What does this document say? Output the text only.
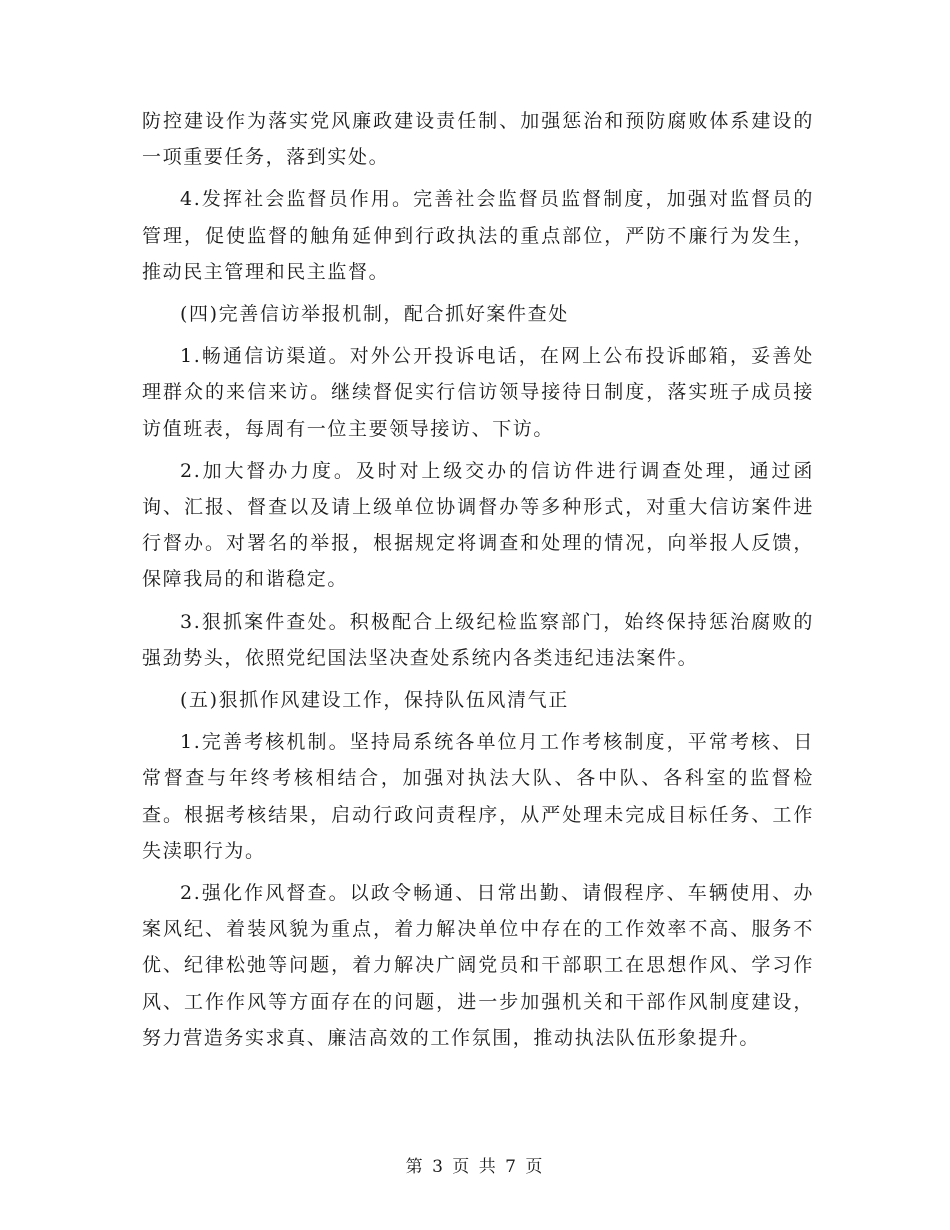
防控建设作为落实党风廉政建设责任制、加强惩治和预防腐败体系建设的一项重要任务，落到实处。

4.发挥社会监督员作用。完善社会监督员监督制度，加强对监督员的管理，促使监督的触角延伸到行政执法的重点部位，严防不廉行为发生，推动民主管理和民主监督。

(四)完善信访举报机制，配合抓好案件查处

1.畅通信访渠道。对外公开投诉电话，在网上公布投诉邮箱，妥善处理群众的来信来访。继续督促实行信访领导接待日制度，落实班子成员接访值班表，每周有一位主要领导接访、下访。

2.加大督办力度。及时对上级交办的信访件进行调查处理，通过函询、汇报、督查以及请上级单位协调督办等多种形式，对重大信访案件进行督办。对署名的举报，根据规定将调查和处理的情况，向举报人反馈，保障我局的和谐稳定。

3.狠抓案件查处。积极配合上级纪检监察部门，始终保持惩治腐败的强劲势头，依照党纪国法坚决查处系统内各类违纪违法案件。

(五)狠抓作风建设工作，保持队伍风清气正

1.完善考核机制。坚持局系统各单位月工作考核制度，平常考核、日常督查与年终考核相结合，加强对执法大队、各中队、各科室的监督检查。根据考核结果，启动行政问责程序，从严处理未完成目标任务、工作失渎职行为。

2.强化作风督查。以政令畅通、日常出勤、请假程序、车辆使用、办案风纪、着装风貌为重点，着力解决单位中存在的工作效率不高、服务不优、纪律松弛等问题，着力解决广阔党员和干部职工在思想作风、学习作风、工作作风等方面存在的问题，进一步加强机关和干部作风制度建设，努力营造务实求真、廉洁高效的工作氛围，推动执法队伍形象提升。

第 3 页 共 7 页
